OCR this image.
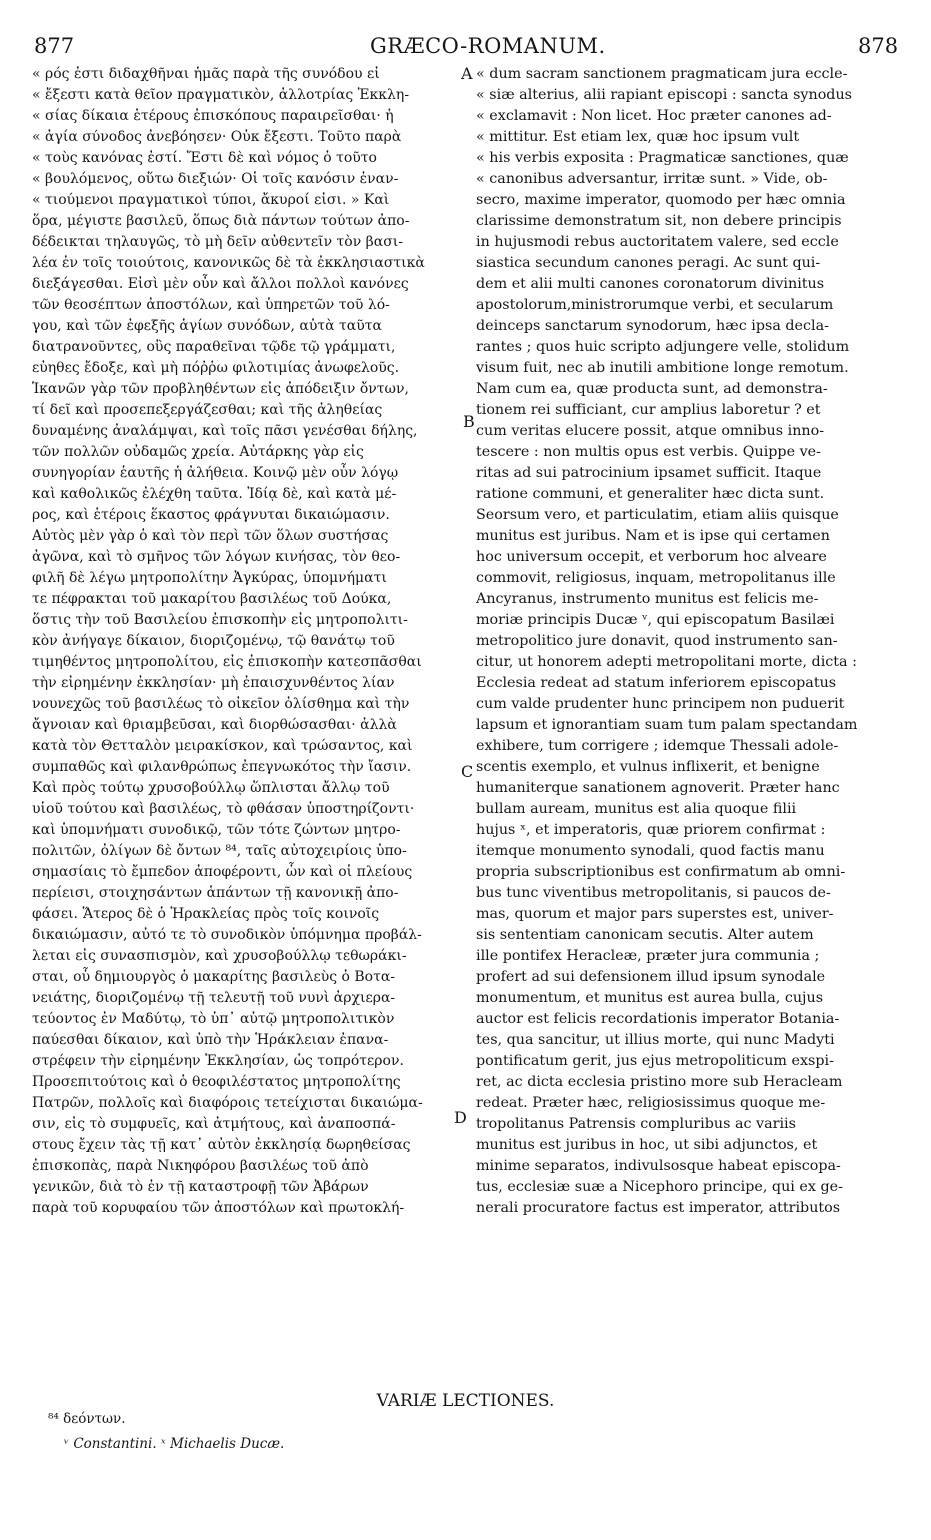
877	GRÆCO-ROMANUM.	878
« ρός ἐστι διδαχθῆναι ἡμᾶς παρὰ τῆς συνόδου εἰ
« ἔξεστι κατὰ θεῖον πραγματικὸν, ἀλλοτρίας Ἐκκλη-
« σίας δίκαια ἑτέρους ἐπισκόπους παραιρεῖσθαι· ἡ
« ἁγία σύνοδος ἀνεβόησεν· Οὐκ ἔξεστι. Τοῦτο παρὰ
« τοὺς κανόνας ἐστί. Ἔστι δὲ καὶ νόμος ὁ τοῦτο
« βουλόμενος, οὕτω διεξιών· Οἱ τοῖς κανόσιν ἐναν-
« τιούμενοι πραγματικοὶ τύποι, ἄκυροί εἰσι. » Καὶ
ὅρα, μέγιστε βασιλεῦ, ὅπως διὰ πάντων τούτων ἀπο-
δέδεικται τηλαυγῶς, τὸ μὴ δεῖν αὐθεντεῖν τὸν βασι-
λέα ἐν τοῖς τοιούτοις, κανονικῶς δὲ τὰ ἐκκλησιαστικὰ
διεξάγεσθαι. Εἰσὶ μὲν οὖν καὶ ἄλλοι πολλοὶ κανόνες
τῶν θεοσέπτων ἀποστόλων, καὶ ὑπηρετῶν τοῦ λό-
γου, καὶ τῶν ἐφεξῆς ἁγίων συνόδων, αὐτὰ ταῦτα
διατρανοῦντες, οὓς παραθεῖναι τῷδε τῷ γράμματι,
εὐηθες ἔδοξε, καὶ μὴ πόῤῥω φιλοτιμίας ἀνωφελοῦς.
Ἱκανῶν γὰρ τῶν προβληθέντων εἰς ἀπόδειξιν ὄντων,
τί δεῖ καὶ προσεπεξεργάζεσθαι; καὶ τῆς ἀληθείας
δυναμένης ἀναλάμψαι, καὶ τοῖς πᾶσι γενέσθαι δήλης,
τῶν πολλῶν οὐδαμῶς χρεία. Αὐτάρκης γὰρ εἰς
συνηγορίαν ἑαυτῆς ἡ ἀλήθεια. Κοινῷ μὲν οὖν λόγῳ
καὶ καθολικῶς ἐλέχθη ταῦτα. Ἰδίᾳ δὲ, καὶ κατὰ μέ-
ρος, καὶ ἑτέροις ἕκαστος φράγνυται δικαιώμασιν.
Αὐτὸς μὲν γὰρ ὁ καὶ τὸν περὶ τῶν ὅλων συστήσας
ἀγῶνα, καὶ τὸ σμῆνος τῶν λόγων κινήσας, τὸν θεο-
φιλῆ δὲ λέγω μητροπολίτην Ἀγκύρας, ὑπομνήματι
τε πέφρακται τοῦ μακαρίτου βασιλέως τοῦ Δούκα,
ὅστις τὴν τοῦ Βασιλείου ἐπισκοπὴν εἰς μητροπολιτι-
κὸν ἀνήγαγε δίκαιον, διοριζομένῳ, τῷ θανάτῳ τοῦ
τιμηθέντος μητροπολίτου, εἰς ἐπισκοπὴν κατεσπᾶσθαι
τὴν εἰρημένην ἐκκλησίαν· μὴ ἐπαισχυνθέντος λίαν
νουνεχῶς τοῦ βασιλέως τὸ οἰκεῖον ὀλίσθημα καὶ τὴν
ἄγνοιαν καὶ θριαμβεῦσαι, καὶ διορθώσασθαι· ἀλλὰ
κατὰ τὸν Θετταλὸν μειρακίσκον, καὶ τρώσαντος, καὶ
συμπαθῶς καὶ φιλανθρώπως ἐπεγνωκότος τὴν ἴασιν.
Καὶ πρὸς τούτῳ χρυσοβούλλῳ ὥπλισται ἄλλῳ τοῦ
υἱοῦ τούτου καὶ βασιλέως, τὸ φθάσαν ὑποστηρίζοντι·
καὶ ὑπομνήματι συνοδικῷ, τῶν τότε ζώντων μητρο-
πολιτῶν, ὀλίγων δὲ ὄντων ⁸⁴, ταῖς αὐτοχειρίοις ὑπο-
σημασίαις τὸ ἔμπεδον ἀποφέροντι, ὧν καὶ οἱ πλείους
περίεισι, στοιχησάντων ἁπάντων τῇ κανονικῇ ἀπο-
φάσει. Ἅτερος δὲ ὁ Ἡρακλείας πρὸς τοῖς κοινοῖς
δικαιώμασιν, αὐτό τε τὸ συνοδικὸν ὑπόμνημα προβάλ-
λεται εἰς συνασπισμὸν, καὶ χρυσοβούλλῳ τεθωράκι-
σται, οὗ δημιουργὸς ὁ μακαρίτης βασιλεὺς ὁ Βοτα-
νειάτης, διοριζομένῳ τῇ τελευτῇ τοῦ νυνὶ ἀρχιερα-
τεύοντος ἐν Μαδύτῳ, τὸ ὑπ᾽ αὐτῷ μητροπολιτικὸν
παύεσθαι δίκαιον, καὶ ὑπὸ τὴν Ἡράκλειαν ἐπανα-
στρέφειν τὴν εἰρημένην Ἐκκλησίαν, ὡς τοπρότερον.
Προσεπιτούτοις καὶ ὁ θεοφιλέστατος μητροπολίτης
Πατρῶν, πολλοῖς καὶ διαφόροις τετείχισται δικαιώμα-
σιν, εἰς τὸ συμφυεῖς, καὶ ἀτμήτους, καὶ ἀναποσπά-
στους ἔχειν τὰς τῇ κατ᾽ αὐτὸν ἐκκλησίᾳ δωρηθείσας
ἐπισκοπὰς, παρὰ Νικηφόρου βασιλέως τοῦ ἀπὸ
γενικῶν, διὰ τὸ ἐν τῇ καταστροφῇ τῶν Ἀβάρων
παρὰ τοῦ κορυφαίου τῶν ἀποστόλων καὶ πρωτοκλή-
« dum sacram sanctionem pragmaticam jura eccle-
« siæ alterius, alii rapiant episcopi : sancta synodus
« exclamavit : Non licet. Hoc præter canones ad-
« mittitur. Est etiam lex, quæ hoc ipsum vult
« his verbis exposita : Pragmaticæ sanctiones, quæ
« canonibus adversantur, irritæ sunt. » Vide, ob-
secro, maxime imperator, quomodo per hæc omnia
clarissime demonstratum sit, non debere principis
in hujusmodi rebus auctoritatem valere, sed eccle
siastica secundum canones peragi. Ac sunt qui-
dem et alii multi canones coronatorum divinitus
apostolorum,ministrorumque verbi, et secularum
deinceps sanctarum synodorum, hæc ipsa decla-
rantes ; quos huic scripto adjungere velle, stolidum
visum fuit, nec ab inutili ambitione longe remotum.
Nam cum ea, quæ producta sunt, ad demonstra-
tionem rei sufficiant, cur amplius laboretur ? et
cum veritas elucere possit, atque omnibus inno-
tescere : non multis opus est verbis. Quippe ve-
ritas ad sui patrocinium ipsamet sufficit. Itaque
ratione communi, et generaliter hæc dicta sunt.
Seorsum vero, et particulatim, etiam aliis quisque
munitus est juribus. Nam et is ipse qui certamen
hoc universum occepit, et verborum hoc alveare
commovit, religiosus, inquam, metropolitanus ille
Ancyranus, instrumento munitus est felicis me-
moriæ principis Ducæ ᵛ, qui episcopatum Basilæi
metropolitico jure donavit, quod instrumento san-
citur, ut honorem adepti metropolitani morte, dicta :
Ecclesia redeat ad statum inferiorem episcopatus
cum valde prudenter hunc principem non puduerit
lapsum et ignorantiam suam tum palam spectandam
exhibere, tum corrigere ; idemque Thessali adole-
scentis exemplo, et vulnus inflixerit, et benigne
humaniterque sanationem agnoverit. Præter hanc
bullam auream, munitus est alia quoque filii
hujus ˣ, et imperatoris, quæ priorem confirmat :
itemque monumento synodali, quod factis manu
propria subscriptionibus est confirmatum ab omni-
bus tunc viventibus metropolitanis, si paucos de-
mas, quorum et major pars superstes est, univer-
sis sententiam canonicam secutis. Alter autem
ille pontifex Heracleæ, præter jura communia ;
profert ad sui defensionem illud ipsum synodale
monumentum, et munitus est aurea bulla, cujus
auctor est felicis recordationis imperator Botania-
tes, qua sancitur, ut illius morte, qui nunc Madyti
pontificatum gerit, jus ejus metropoliticum exspi-
ret, ac dicta ecclesia pristino more sub Heracleam
redeat. Præter hæc, religiosissimus quoque me-
tropolitanus Patrensis compluribus ac variis
munitus est juribus in hoc, ut sibi adjunctos, et
minime separatos, indivulsosque habeat episcopa-
tus, ecclesiæ suæ a Nicephoro principe, qui ex ge-
nerali procuratore factus est imperator, attributos
A
B
C
D
VARIÆ LECTIONES.
⁸⁴ δεόντων.
ᵛ Constantini. ˣ Michaelis Ducæ.
